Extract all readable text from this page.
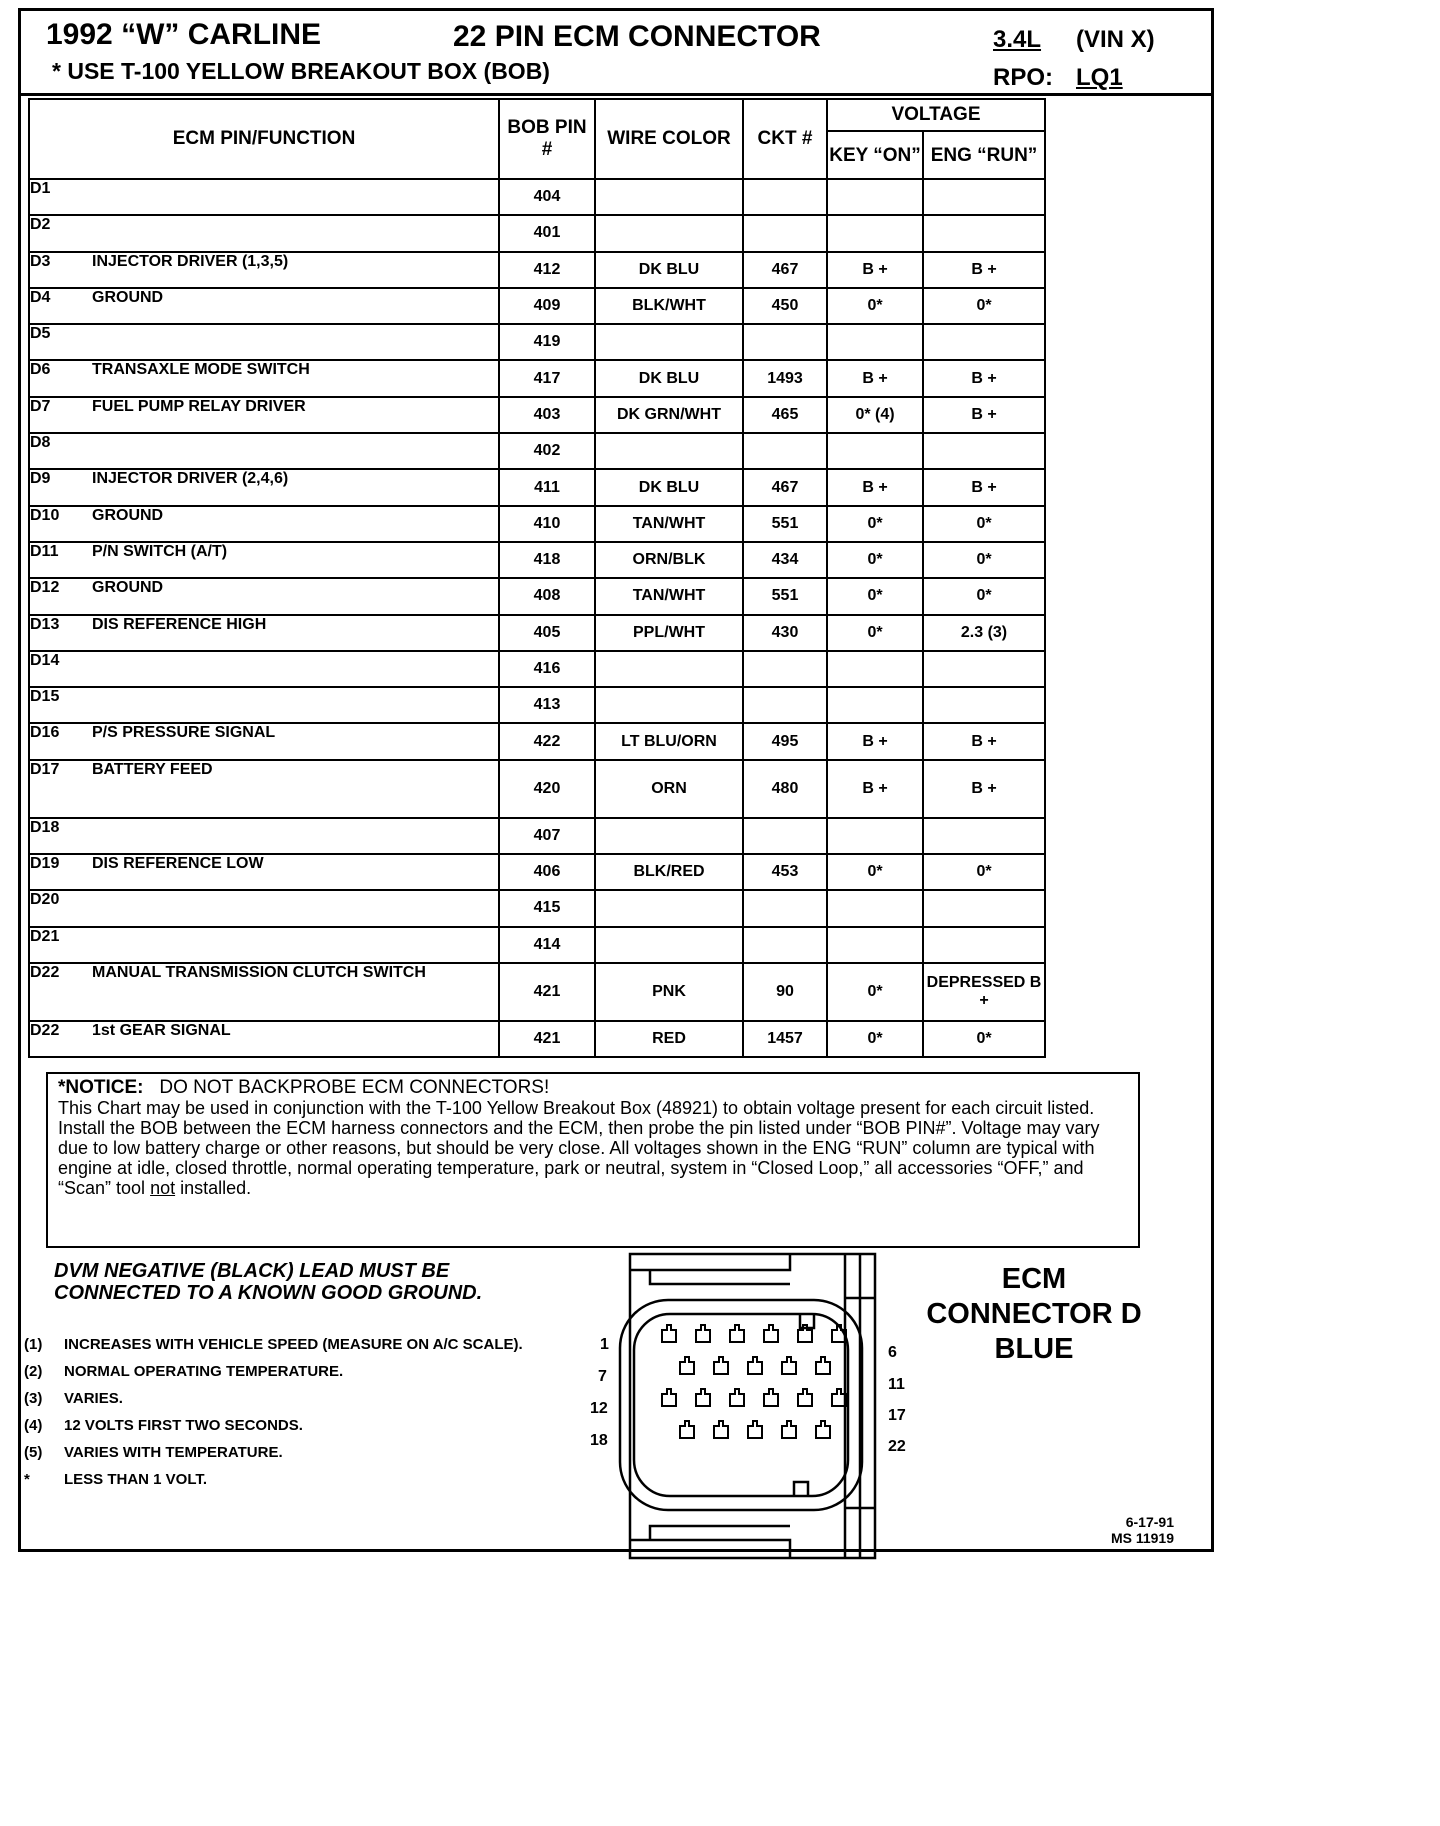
1992 “W” CARLINE	22 PIN ECM CONNECTOR
* USE T-100 YELLOW BREAKOUT BOX (BOB)
3.4L (VIN X)
RPO: LQ1
ECM PIN/FUNCTION	BOB PIN #	WIRE COLOR	CKT #	VOLTAGE	
				KEY “ON”	ENG “RUN”
D1	404				
D2	401				
D3 INJECTOR DRIVER (1,3,5)	412	DK BLU	467	B +	B +
D4 GROUND	409	BLK/WHT	450	0*	0*
D5	419				
D6 TRANSAXLE MODE SWITCH	417	DK BLU	1493	B +	B +
D7 FUEL PUMP RELAY DRIVER	403	DK GRN/WHT	465	0* (4)	B +
D8	402				
D9 INJECTOR DRIVER (2,4,6)	411	DK BLU	467	B +	B +
D10 GROUND	410	TAN/WHT	551	0*	0*
D11 P/N SWITCH (A/T)	418	ORN/BLK	434	0*	0*
D12 GROUND	408	TAN/WHT	551	0*	0*
D13 DIS REFERENCE HIGH	405	PPL/WHT	430	0*	2.3 (3)
D14	416				
D15	413				
D16 P/S PRESSURE SIGNAL	422	LT BLU/ORN	495	B +	B +
D17 BATTERY FEED	420	ORN	480	B +	B +
D18	407				
D19 DIS REFERENCE LOW	406	BLK/RED	453	0*	0*
D20	415				
D21	414				
D22 MANUAL TRANSMISSION CLUTCH SWITCH	421	PNK	90	0*	DEPRESSED B +
D22 1st GEAR SIGNAL	421	RED	1457	0*	0*
*NOTICE: DO NOT BACKPROBE ECM CONNECTORS!
This Chart may be used in conjunction with the T-100 Yellow Breakout Box (48921) to obtain voltage present for each circuit listed. Install the BOB between the ECM harness connectors and the ECM, then probe the pin listed under “BOB PIN#”. Voltage may vary due to low battery charge or other reasons, but should be very close. All voltages shown in the ENG “RUN” column are typical with engine at idle, closed throttle, normal operating temperature, park or neutral, system in “Closed Loop,” all accessories “OFF,” and “Scan” tool not installed.
DVM NEGATIVE (BLACK) LEAD MUST BE CONNECTED TO A KNOWN GOOD GROUND.
(1) INCREASES WITH VEHICLE SPEED (MEASURE ON A/C SCALE).
(2) NORMAL OPERATING TEMPERATURE.
(3) VARIES.
(4) 12 VOLTS FIRST TWO SECONDS.
(5) VARIES WITH TEMPERATURE.
* LESS THAN 1 VOLT.
1	6
7	11
12	17
18	22
ECM
CONNECTOR D
BLUE
6-17-91
MS 11919
